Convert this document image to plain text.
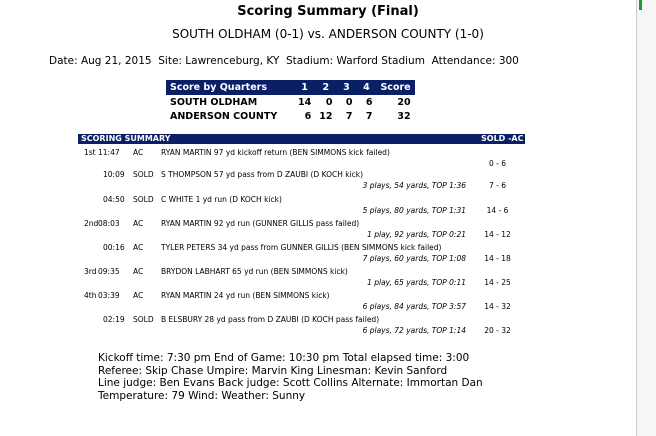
Scoring Summary (Final)
SOUTH OLDHAM (0-1) vs. ANDERSON COUNTY (1-0)
Date: Aug 21, 2015  Site: Lawrenceburg, KY  Stadium: Warford Stadium  Attendance: 300
Score by Quarters	1	2	3	4	Score
SOUTH OLDHAM	14	0	0	6	20
ANDERSON COUNTY	6	12	7	7	32
SCORING SUMMARY	SOLD -AC
1st 11:47 AC RYAN MARTIN 97 yd kickoff return (BEN SIMMONS kick failed)
0 - 6
10:09 SOLD S THOMPSON 57 yd pass from D ZAUBI (D KOCH kick)
3 plays, 54 yards, TOP 1:36	7 - 6
04:50 SOLD C WHITE 1 yd run (D KOCH kick)
5 plays, 80 yards, TOP 1:31	14 - 6
2nd 08:03 AC RYAN MARTIN 92 yd run (GUNNER GILLIS pass failed)
1 play, 92 yards, TOP 0:21	14 - 12
00:16 AC TYLER PETERS 34 yd pass from GUNNER GILLIS (BEN SIMMONS kick failed)
7 plays, 60 yards, TOP 1:08	14 - 18
3rd 09:35 AC BRYDON LABHART 65 yd run (BEN SIMMONS kick)
1 play, 65 yards, TOP 0:11	14 - 25
4th 03:39 AC RYAN MARTIN 24 yd run (BEN SIMMONS kick)
6 plays, 84 yards, TOP 3:57	14 - 32
02:19 SOLD B ELSBURY 28 yd pass from D ZAUBI (D KOCH pass failed)
6 plays, 72 yards, TOP 1:14	20 - 32
Kickoff time: 7:30 pm End of Game: 10:30 pm Total elapsed time: 3:00
Referee: Skip Chase Umpire: Marvin King Linesman: Kevin Sanford
Line judge: Ben Evans Back judge: Scott Collins Alternate: Immortan Dan
Temperature: 79 Wind: Weather: Sunny
